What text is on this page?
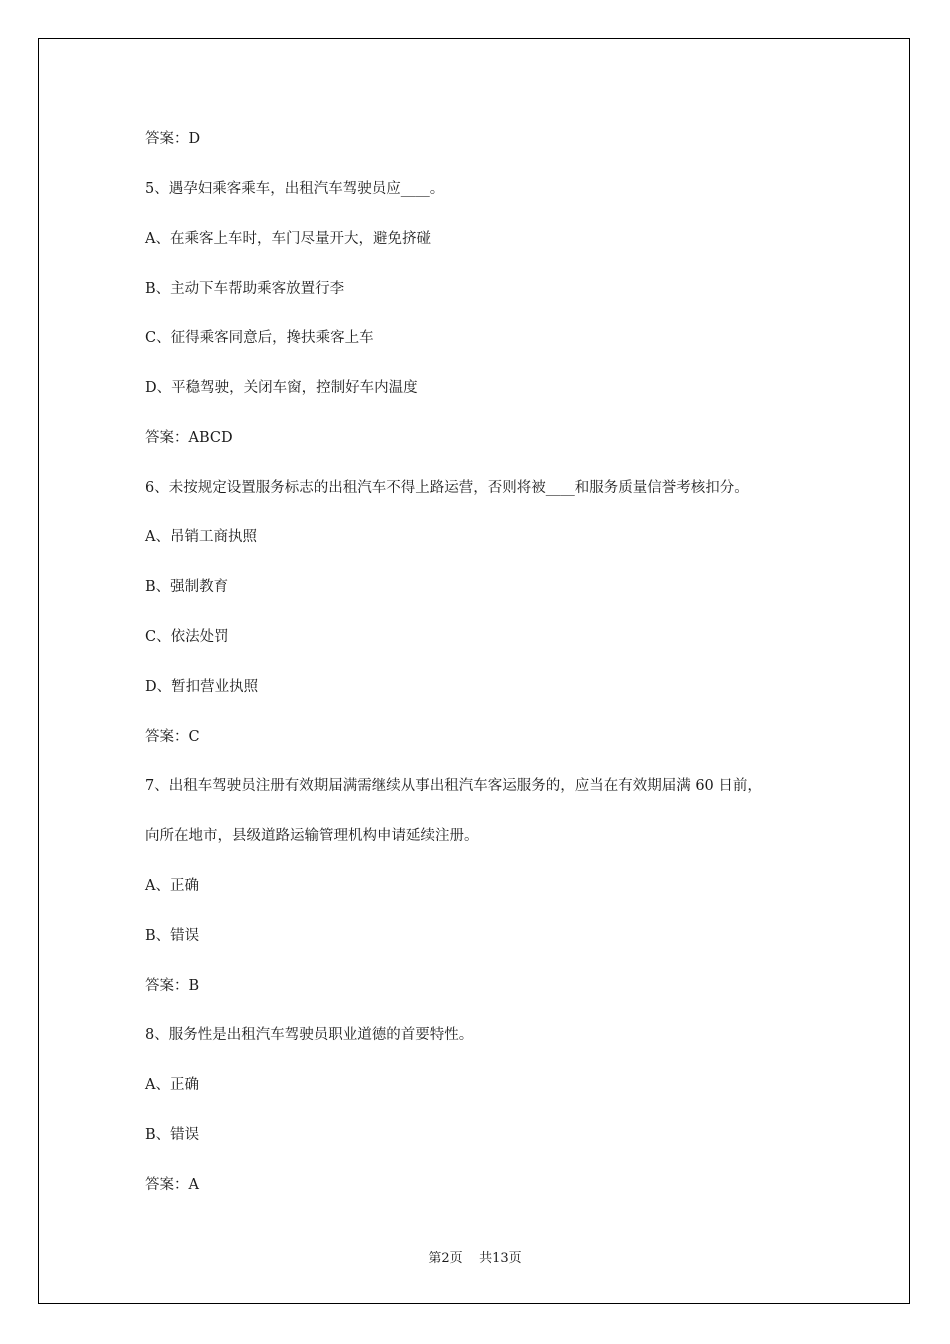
答案：D
5、遇孕妇乘客乘车，出租汽车驾驶员应____。
A、在乘客上车时，车门尽量开大，避免挤碰
B、主动下车帮助乘客放置行李
C、征得乘客同意后，搀扶乘客上车
D、平稳驾驶，关闭车窗，控制好车内温度
答案：ABCD
6、未按规定设置服务标志的出租汽车不得上路运营，否则将被____和服务质量信誉考核扣分。
A、吊销工商执照
B、强制教育
C、依法处罚
D、暂扣营业执照
答案：C
7、出租车驾驶员注册有效期届满需继续从事出租汽车客运服务的，应当在有效期届满 60 日前，
向所在地市，县级道路运输管理机构申请延续注册。
A、正确
B、错误
答案：B
8、服务性是出租汽车驾驶员职业道德的首要特性。
A、正确
B、错误
答案：A
第2页    共13页
